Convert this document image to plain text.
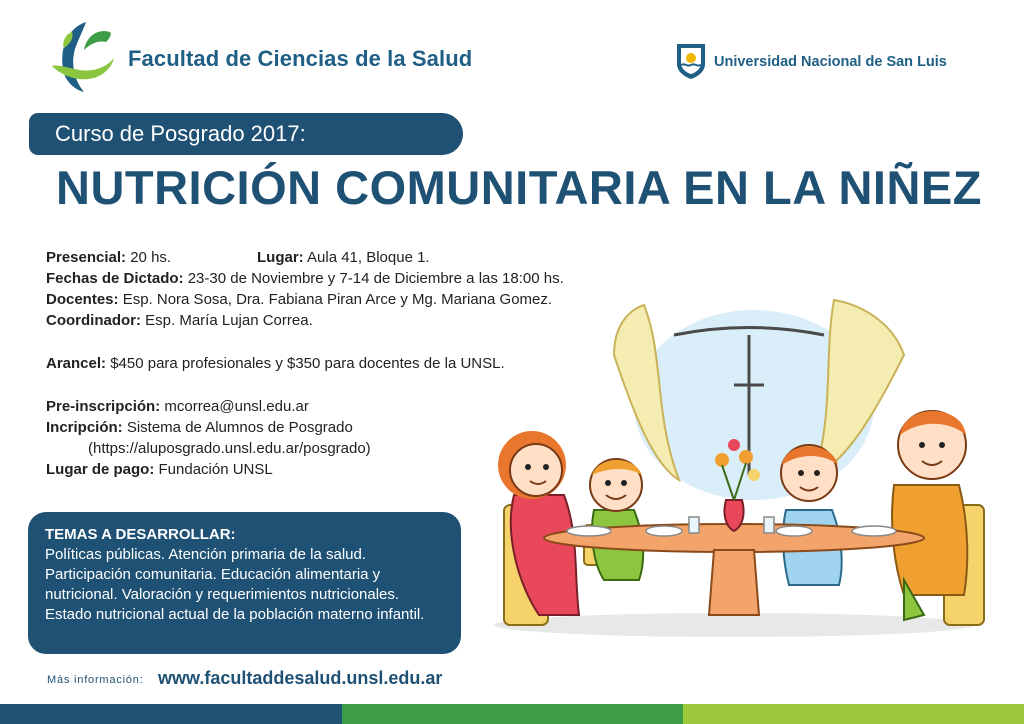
Facultad de Ciencias de la Salud	Universidad Nacional de San Luis
Curso de Posgrado 2017:
NUTRICIÓN COMUNITARIA EN LA NIÑEZ
Presencial: 20 hs.	Lugar: Aula 41, Bloque 1.
Fechas de Dictado: 23-30 de Noviembre y 7-14 de Diciembre a las 18:00 hs.
Docentes: Esp. Nora Sosa, Dra. Fabiana Piran Arce y Mg. Mariana Gomez.
Coordinador: Esp. María Lujan Correa.
Arancel: $450 para profesionales y $350 para docentes de la UNSL.
Pre-inscripción: mcorrea@unsl.edu.ar
Incripción: Sistema de Alumnos de Posgrado
(https://aluposgrado.unsl.edu.ar/posgrado)
Lugar de pago: Fundación UNSL
TEMAS A DESARROLLAR:
Políticas públicas. Atención primaria de la salud.
Participación comunitaria. Educación alimentaria y
nutricional. Valoración y requerimientos nutricionales.
Estado nutricional actual de la población materno infantil.
Más información: www.facultaddesalud.unsl.edu.ar
